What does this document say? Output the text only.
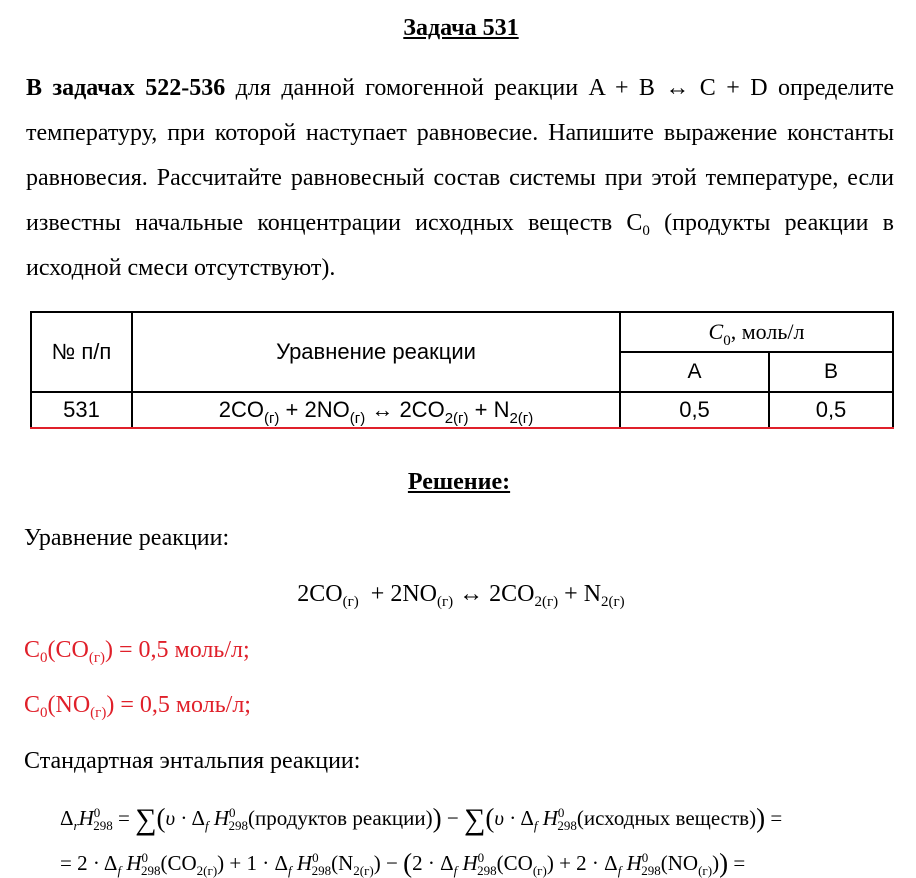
Задача 531
В задачах 522-536 для данной гомогенной реакции A + B ↔ C + D определите температуру, при которой наступает равновесие. Напишите выражение константы равновесия. Рассчитайте равновесный состав системы при этой температуре, если известны начальные концентрации исходных веществ $C_0$ (продукты реакции в исходной смеси отсутствуют).
№ п/п	Уравнение реакции	$C_0$, моль/л	
		A	B
531	$2CO_{(г)} + 2NO_{(г)}$ ↔ $2CO_{2(г)} + N_{2(г)}$	0,5	0,5
Решение:
Уравнение реакции:
$2CO_{(г)} + 2NO_{(г)}$ ↔ $2CO_{2(г)} + N_{2(г)}$
$C_0(CO_{(г)}) = 0,5$ моль/л;
$C_0(NO_{(г)}) = 0,5$ моль/л;
Стандартная энтальпия реакции:
$\Delta_rH^0_{298} = \sum(\upsilon \cdot \Delta_f$ $H^0_{298}(продуктов$ реакции)) − $\sum(\upsilon \cdot \Delta_f$ $H^0_{298}(исходных$ веществ)) =
= $2 \cdot \Delta_f$ $H^0_{298}(CO_{2(г)}) + 1 \cdot \Delta_f$ $H^0_{298}(N_{2(г)}) - (2 \cdot \Delta_f$ $H^0_{298}(CO_{(г)}) + 2 \cdot \Delta_f$ $H^0_{298}(NO_{(г)})$) =
